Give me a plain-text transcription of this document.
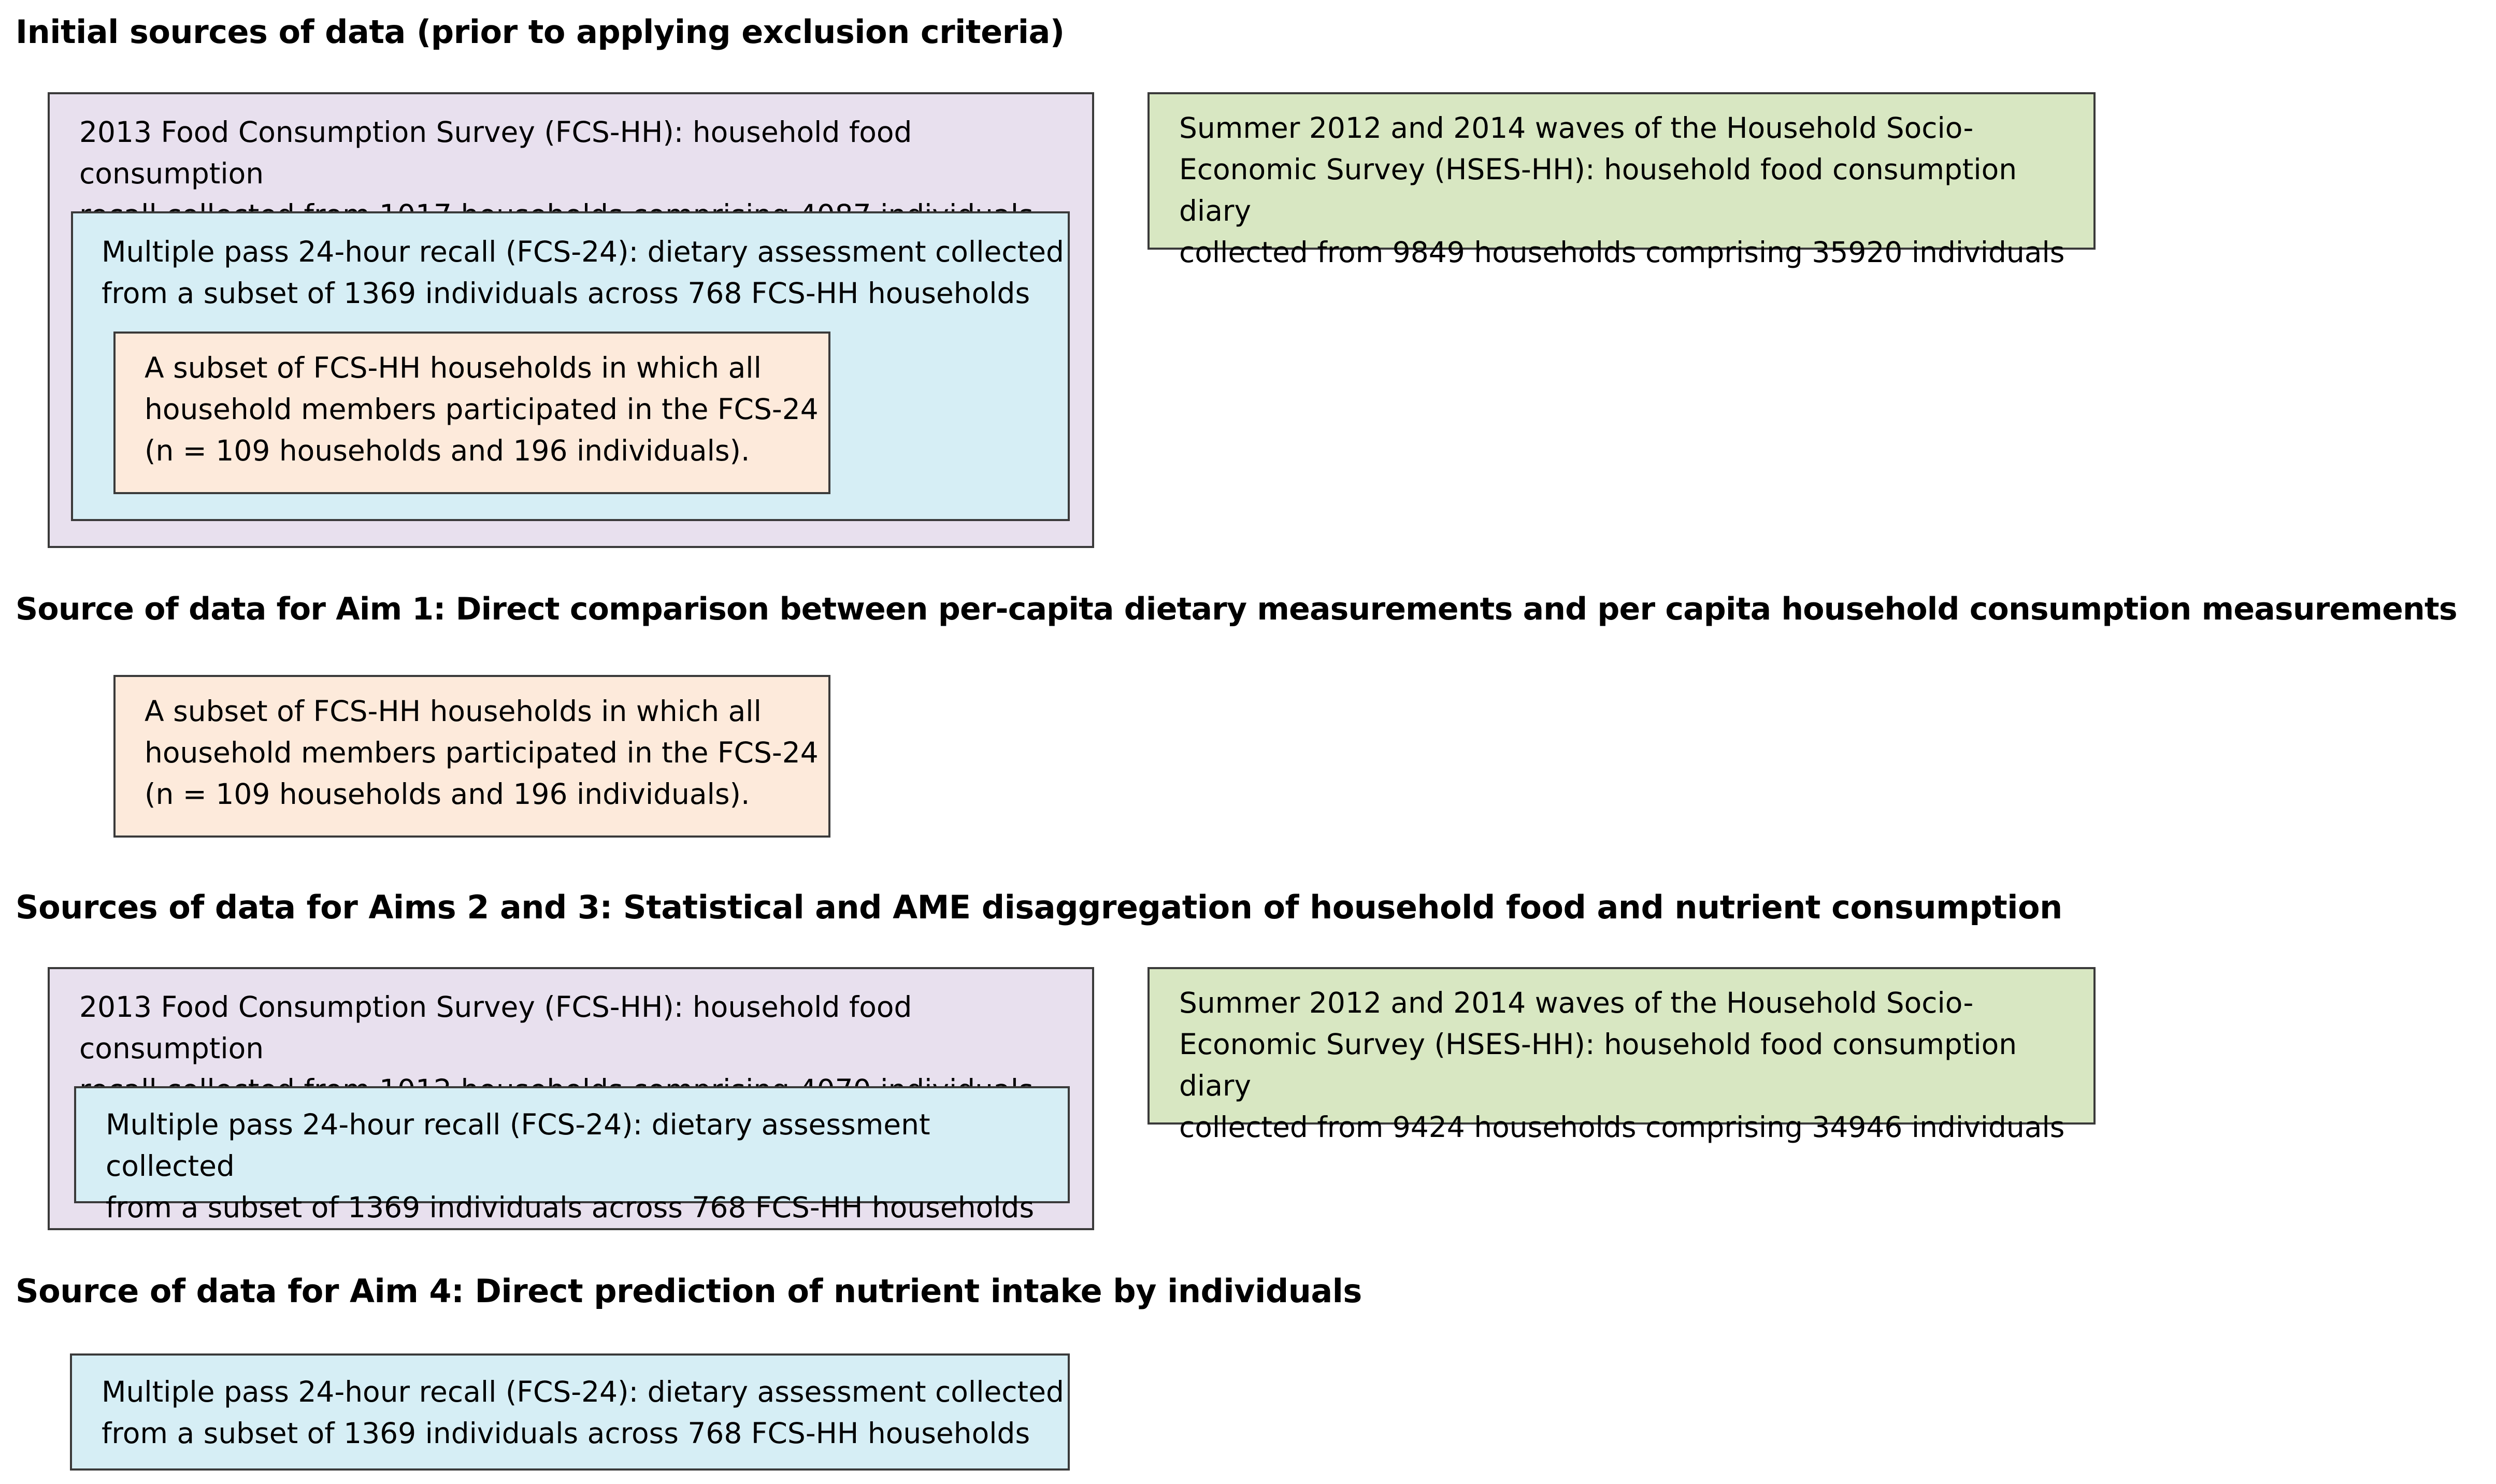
Initial sources of data (prior to applying exclusion criteria)

2013 Food Consumption Survey (FCS-HH): household food consumption

Multiple pass 24-hour recall (FCS-24): dietary assessment collected
from a subset of 1369 individuals across 768 FCS-HH households

A subset of FCS-HH households in which all
household members participated in the FCS-24
(n = 109 households and 196 individuals).

Summer 2012 and 2014 waves of the Household Socio-
Economic Survey (HSES-HH): household food consumption diary
collected from 9849 households comprising 35920 individuals

Source of data for Aim 1: Direct comparison between per-capita dietary measurements and per capita household consumption measurements

A subset of FCS-HH households in which all
household members participated in the FCS-24
(n = 109 households and 196 individuals).

Sources of data for Aims 2 and 3: Statistical and AME disaggregation of household food and nutrient consumption

2013 Food Consumption Survey (FCS-HH): household food consumption

Multiple pass 24-hour recall (FCS-24): dietary assessment collected
from a subset of 1369 individuals across 768 FCS-HH households

Summer 2012 and 2014 waves of the Household Socio-
Economic Survey (HSES-HH): household food consumption diary
collected from 9424 households comprising 34946 individuals

Source of data for Aim 4: Direct prediction of nutrient intake by individuals

Multiple pass 24-hour recall (FCS-24): dietary assessment collected
from a subset of 1369 individuals across 768 FCS-HH households
